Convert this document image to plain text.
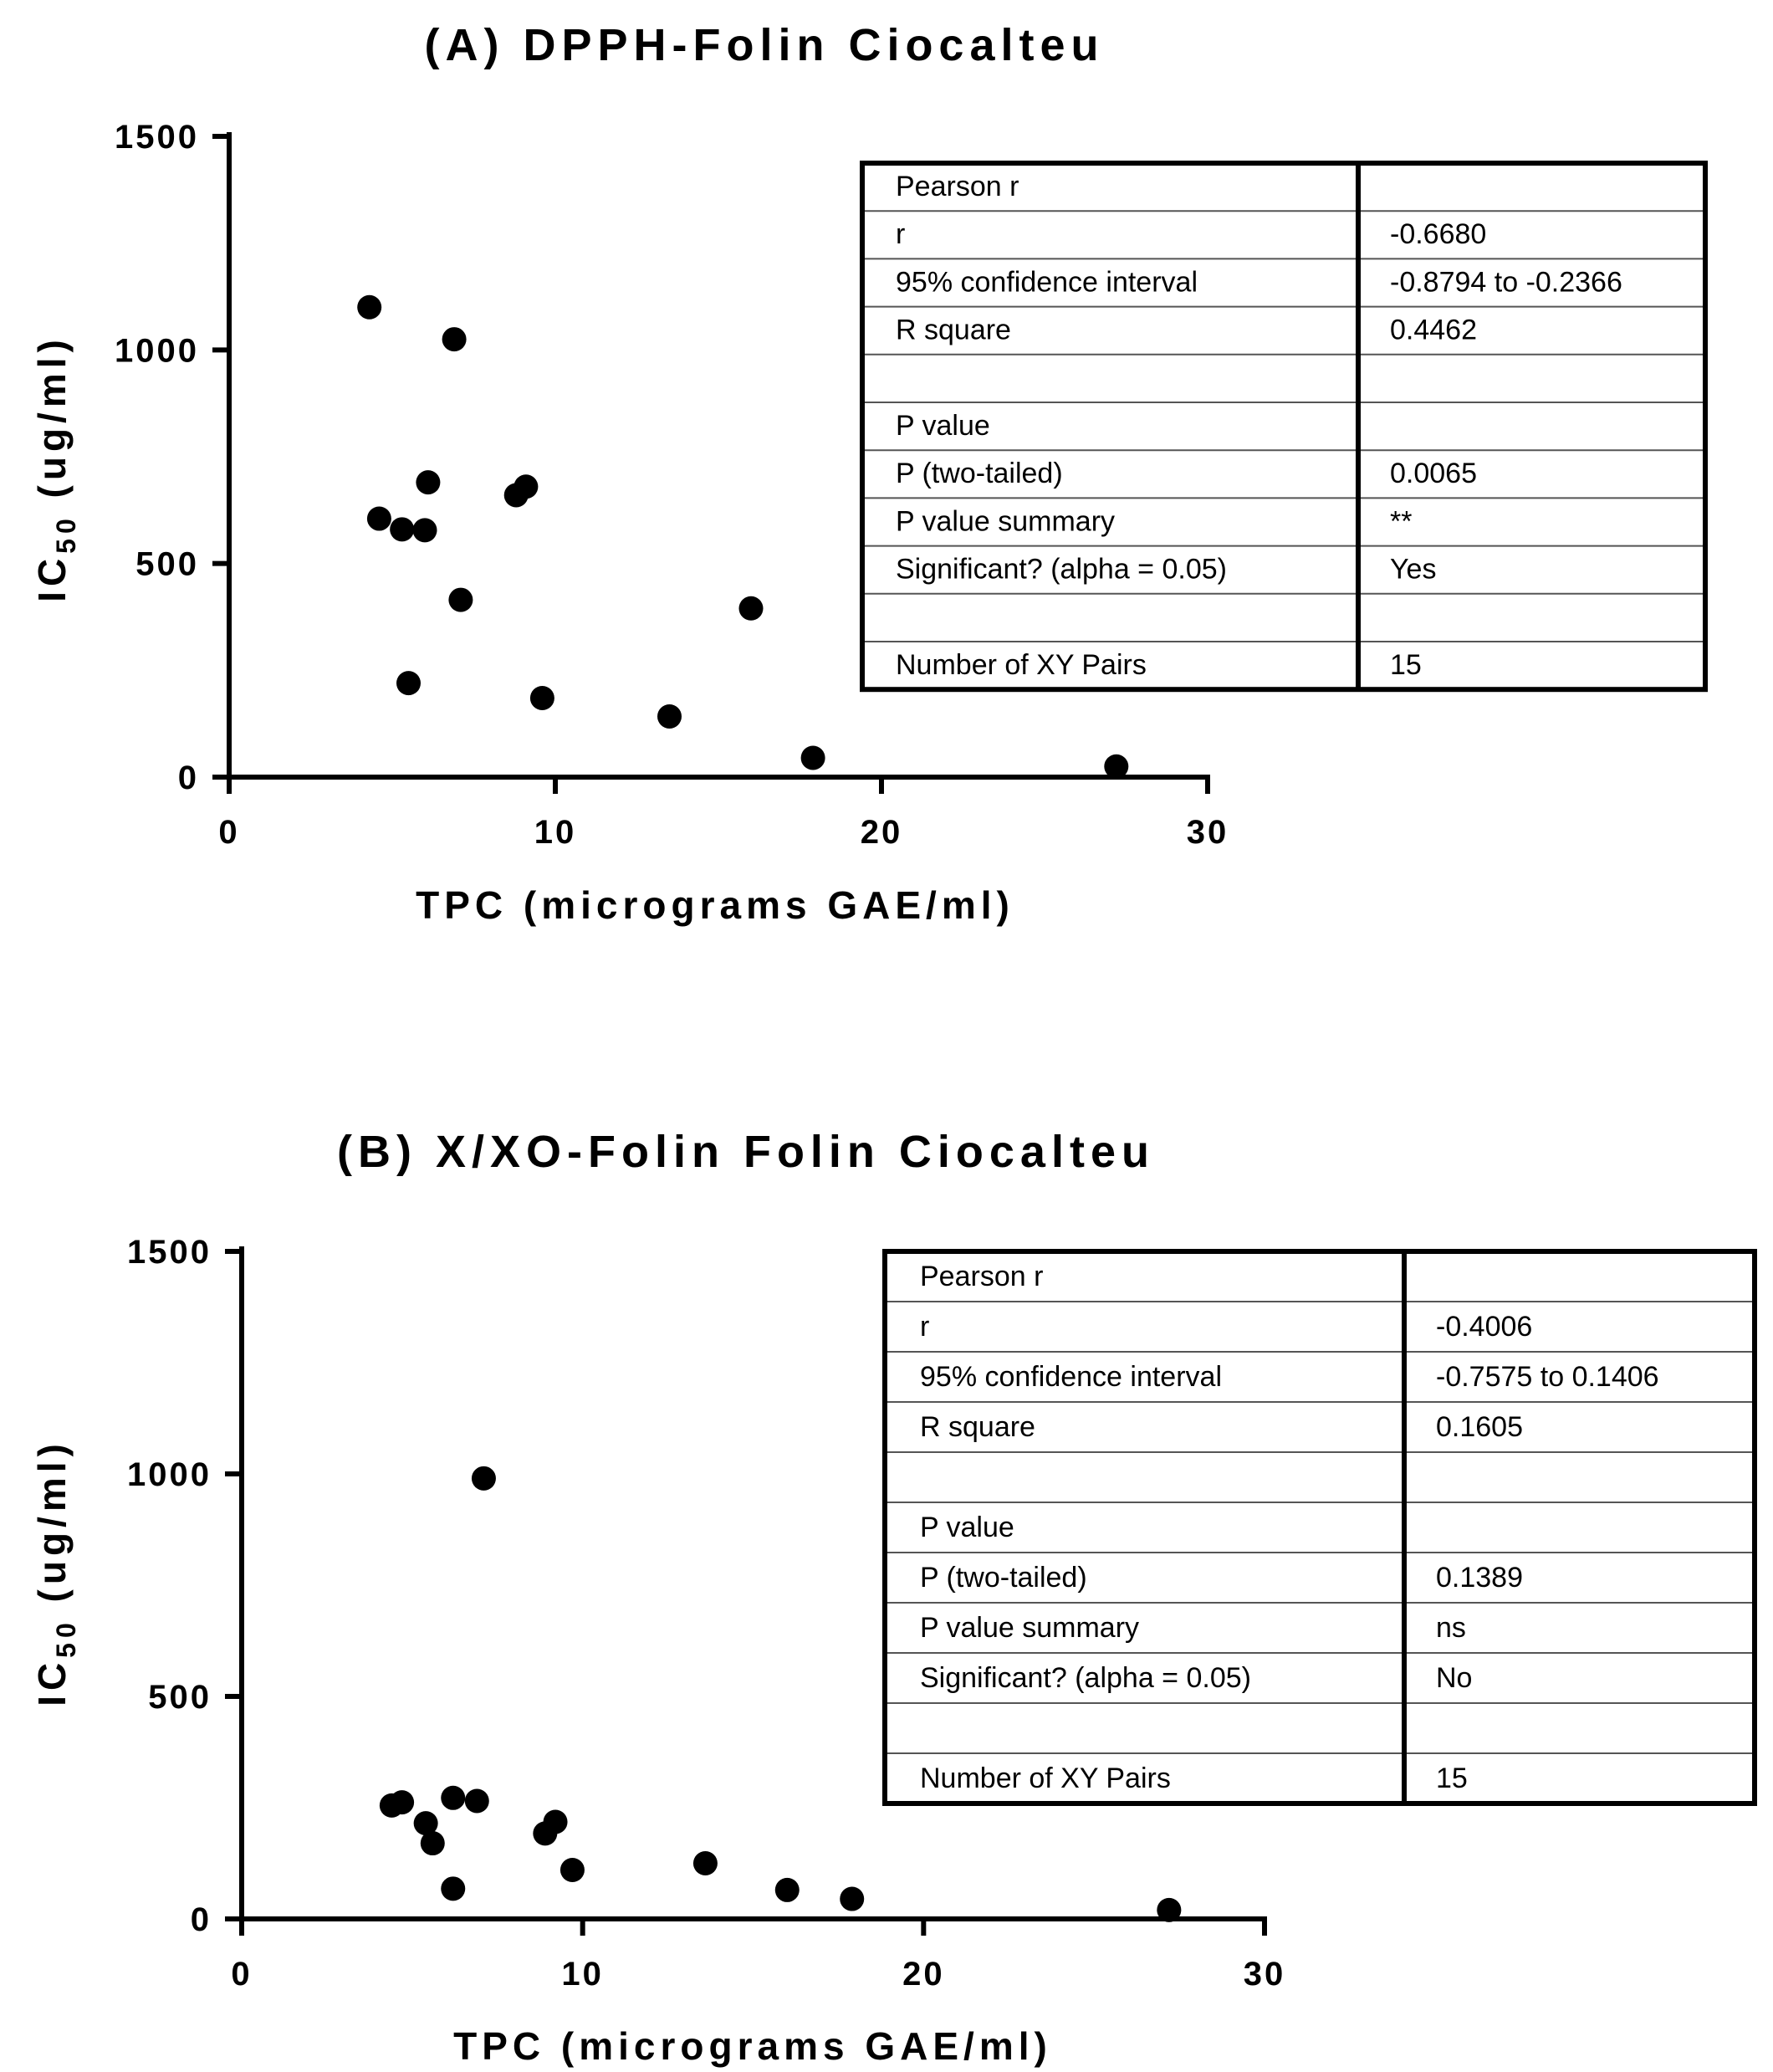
(A) DPPH-Folin Ciocalteu
0	10	20	30
0
500
1000
1500
TPC (micrograms GAE/ml)
$IC_{50}$ (ug/ml)
Pearson r
r	-0.6680
95% confidence interval	-0.8794 to -0.2366
R square	0.4462
P value
P (two-tailed)	0.0065
P value summary	**
Significant? (alpha = 0.05)	Yes
Number of XY Pairs	15
(B) X/XO-Folin Folin Ciocalteu
0	10	20	30
0
500
1000
1500
TPC (micrograms GAE/ml)
$IC_{50}$ (ug/ml)
Pearson r
r	-0.4006
95% confidence interval	-0.7575 to 0.1406
R square	0.1605
P value
P (two-tailed)	0.1389
P value summary	ns
Significant? (alpha = 0.05)	No
Number of XY Pairs	15
